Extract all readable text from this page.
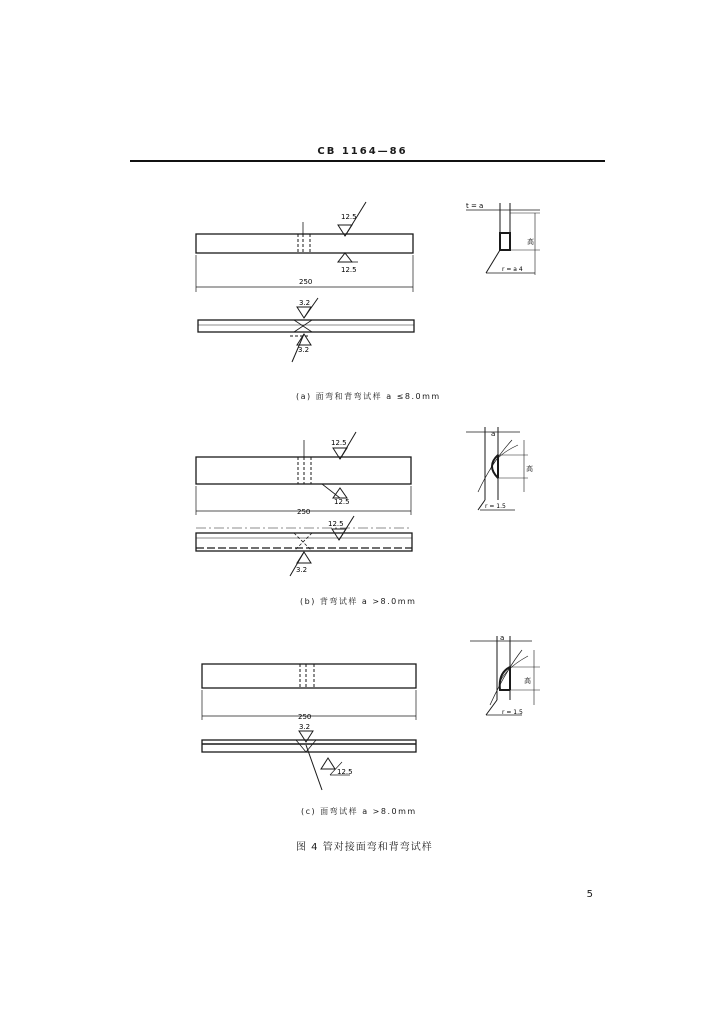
CB 1164—86
12.5
12.5
250
3.2
3.2
t = a
高
r = a 4
12.5
12.5
250
12.5
3.2
a
高
r = 1.5
250
3.2
12.5
a
高
r = 1.5
(a) 面弯和背弯试样 a ≤8.0mm
(b) 背弯试样 a >8.0mm
(c) 面弯试样 a >8.0mm
图 4 管对接面弯和背弯试样
5
